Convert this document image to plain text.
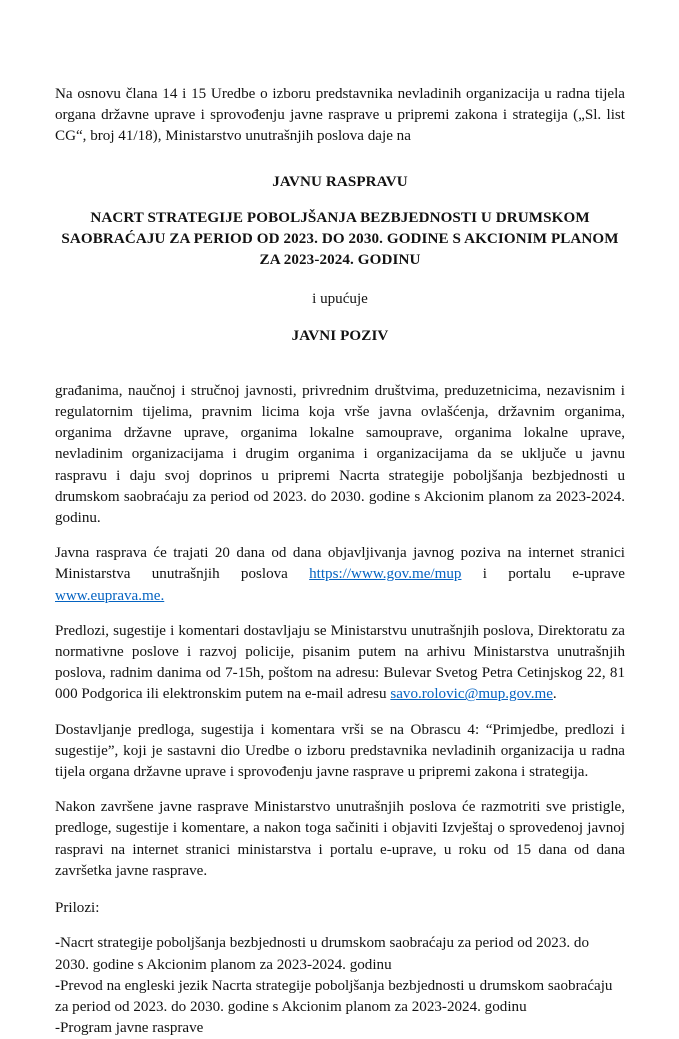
Na osnovu člana 14 i 15 Uredbe o izboru predstavnika nevladinih organizacija u radna tijela organa državne uprave i sprovođenju javne rasprave u pripremi zakona i strategija („Sl. list CG“, broj 41/18), Ministarstvo unutrašnjih poslova daje na

JAVNU RASPRAVU

NACRT STRATEGIJE POBOLJŠANJA BEZBJEDNOSTI U DRUMSKOM SAOBRAĆAJU ZA PERIOD OD 2023. DO 2030. GODINE S AKCIONIM PLANOM ZA 2023-2024. GODINU

i upućuje

JAVNI POZIV

građanima, naučnoj i stručnoj javnosti, privrednim društvima, preduzetnicima, nezavisnim i regulatornim tijelima, pravnim licima koja vrše javna ovlašćenja, državnim organima, organima državne uprave, organima lokalne samouprave, organima lokalne uprave, nevladinim organizacijama i drugim organima i organizacijama da se uključe u javnu raspravu i daju svoj doprinos u pripremi Nacrta strategije poboljšanja bezbjednosti u drumskom saobraćaju za period od 2023. do 2030. godine s Akcionim planom za 2023-2024. godinu.

Javna rasprava će trajati 20 dana od dana objavljivanja javnog poziva na internet stranici Ministarstva unutrašnjih poslova https://www.gov.me/mup i portalu e-uprave www.euprava.me.

Predlozi, sugestije i komentari dostavljaju se Ministarstvu unutrašnjih poslova, Direktoratu za normativne poslove i razvoj policije, pisanim putem na arhivu Ministarstva unutrašnjih poslova, radnim danima od 7-15h, poštom na adresu: Bulevar Svetog Petra Cetinjskog 22, 81 000 Podgorica ili elektronskim putem na e-mail adresu savo.rolovic@mup.gov.me.

Dostavljanje predloga, sugestija i komentara vrši se na Obrascu 4: “Primjedbe, predlozi i sugestije”, koji je sastavni dio Uredbe o izboru predstavnika nevladinih organizacija u radna tijela organa državne uprave i sprovođenju javne rasprave u pripremi zakona i strategija.

Nakon završene javne rasprave Ministarstvo unutrašnjih poslova će razmotriti sve pristigle, predloge, sugestije i komentare, a nakon toga sačiniti i objaviti Izvještaj o sprovedenoj javnoj raspravi na internet stranici ministarstva i portalu e-uprave, u roku od 15 dana od dana završetka javne rasprave.

Prilozi:

-Nacrt strategije poboljšanja bezbjednosti u drumskom saobraćaju za period od 2023. do 2030. godine s Akcionim planom za 2023-2024. godinu

-Prevod na engleski jezik Nacrta strategije poboljšanja bezbjednosti u drumskom saobraćaju za period od 2023. do 2030. godine s Akcionim planom za 2023-2024. godinu

-Program javne rasprave
